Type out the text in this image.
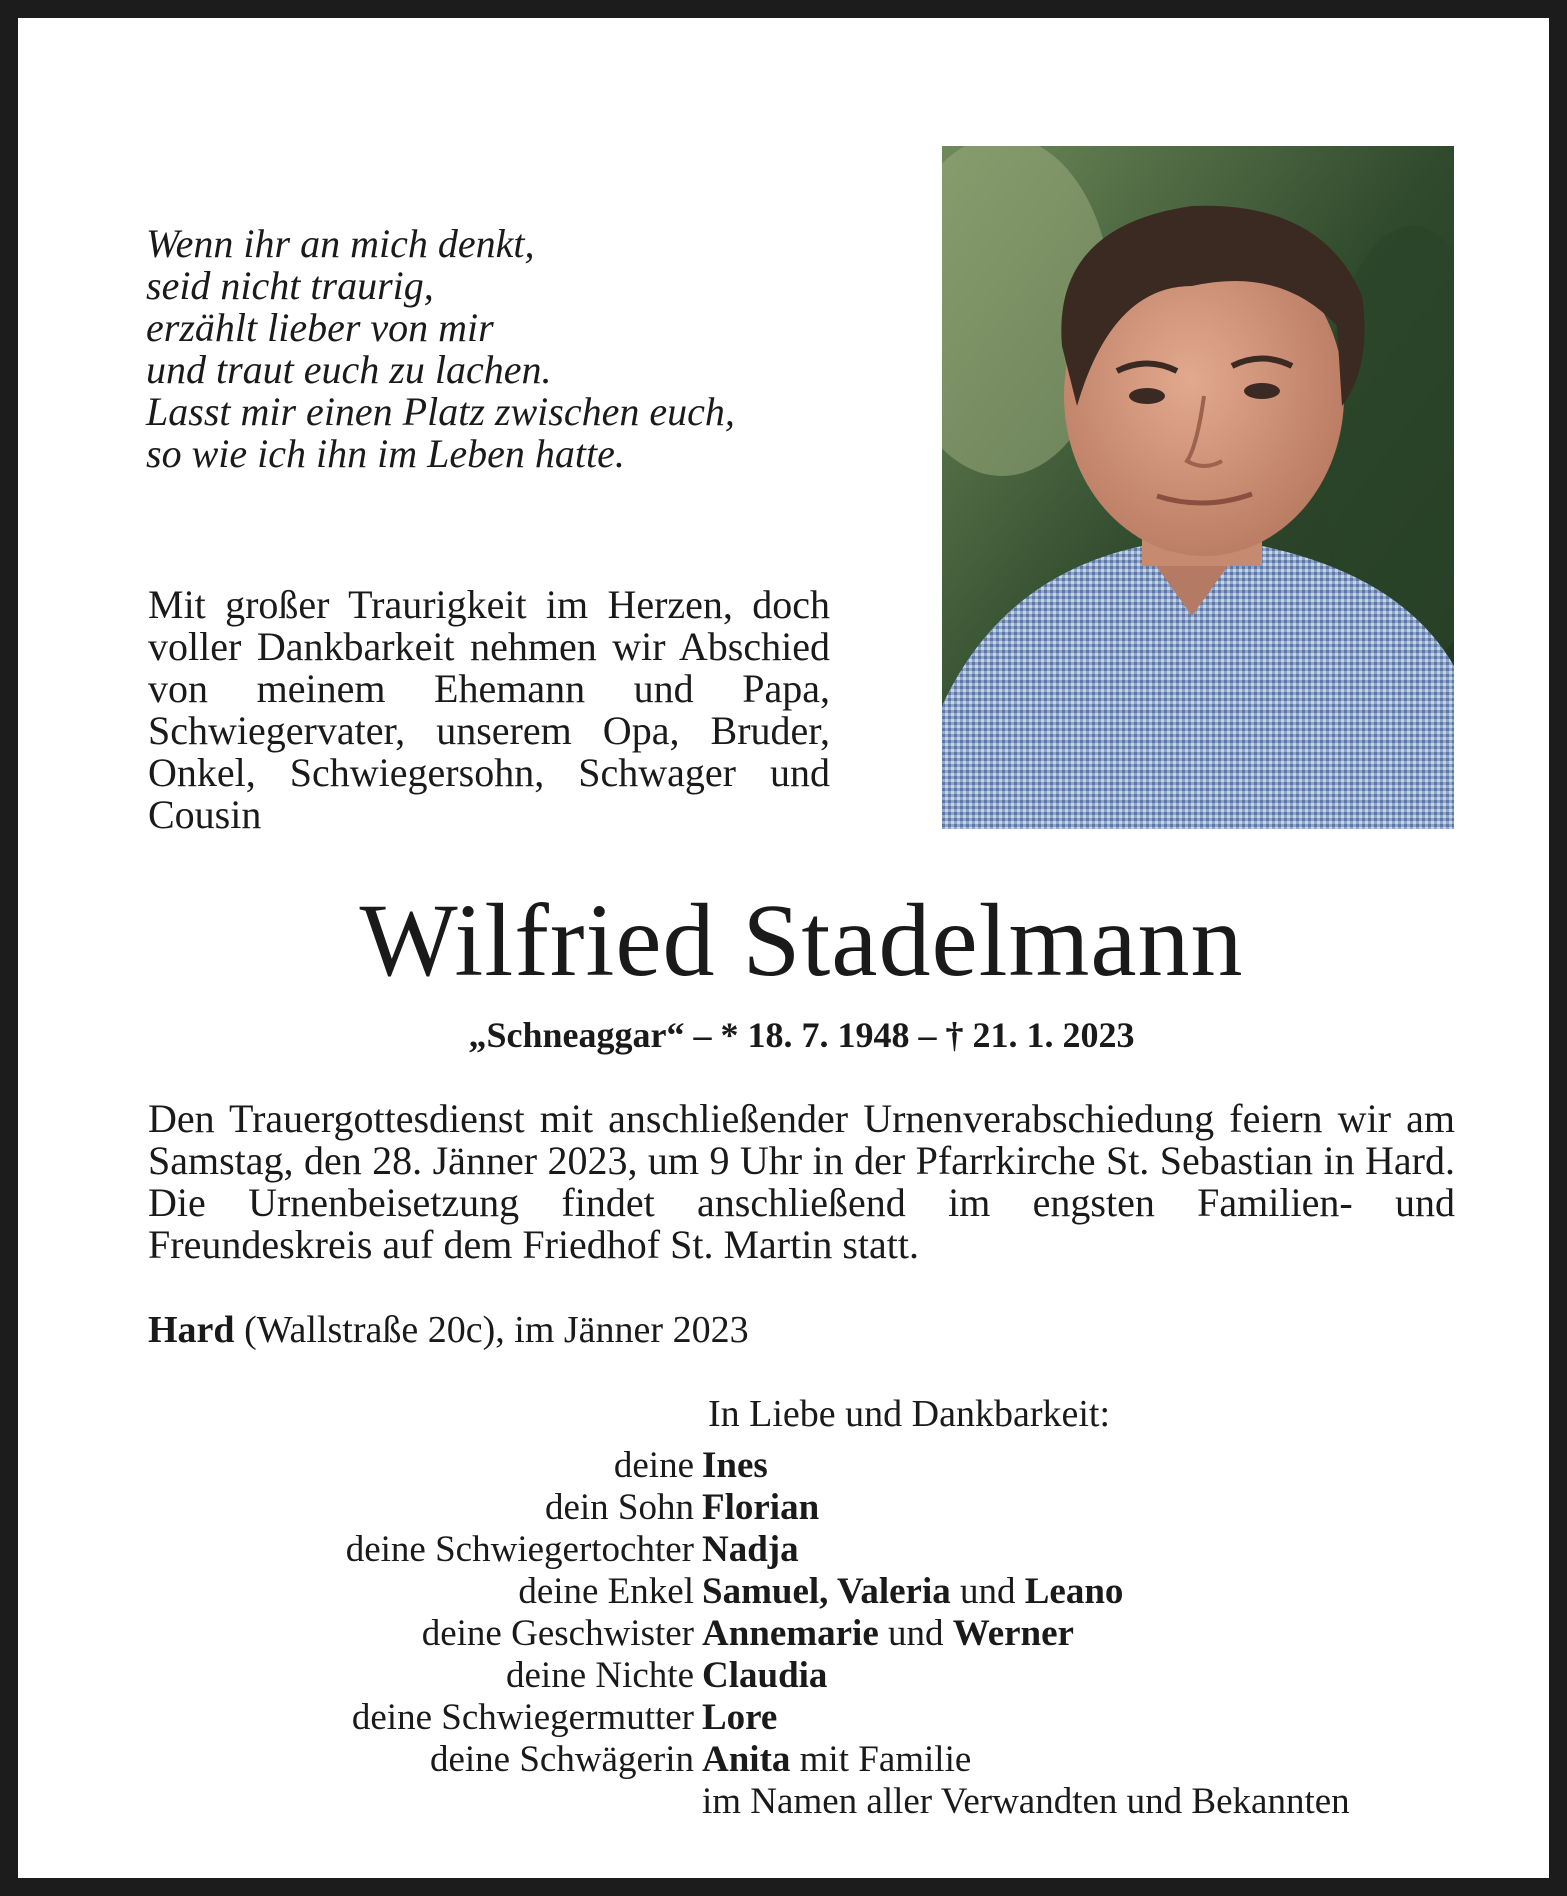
Wenn ihr an mich denkt,
seid nicht traurig,
erzählt lieber von mir
und traut euch zu lachen.
Lasst mir einen Platz zwischen euch,
so wie ich ihn im Leben hatte.

Mit großer Traurigkeit im Herzen, doch voller Dankbarkeit nehmen wir Abschied von meinem Ehemann und Papa, Schwiegervater, unserem Opa, Bruder, Onkel, Schwiegersohn, Schwager und Cousin

Wilfried Stadelmann
„Schneaggar“ – * 18. 7. 1948 – † 21. 1. 2023

Den Trauergottesdienst mit anschließender Urnenverabschiedung feiern wir am Samstag, den 28. Jänner 2023, um 9 Uhr in der Pfarrkirche St. Sebastian in Hard. Die Urnenbeisetzung findet anschließend im engsten Familien- und Freundeskreis auf dem Friedhof St. Martin statt.

Hard (Wallstraße 20c), im Jänner 2023
In Liebe und Dankbarkeit:
deine Ines
dein Sohn Florian
deine Schwiegertochter Nadja
deine Enkel Samuel, Valeria und Leano
deine Geschwister Annemarie und Werner
deine Nichte Claudia
deine Schwiegermutter Lore
deine Schwägerin Anita mit Familie
im Namen aller Verwandten und Bekannten
